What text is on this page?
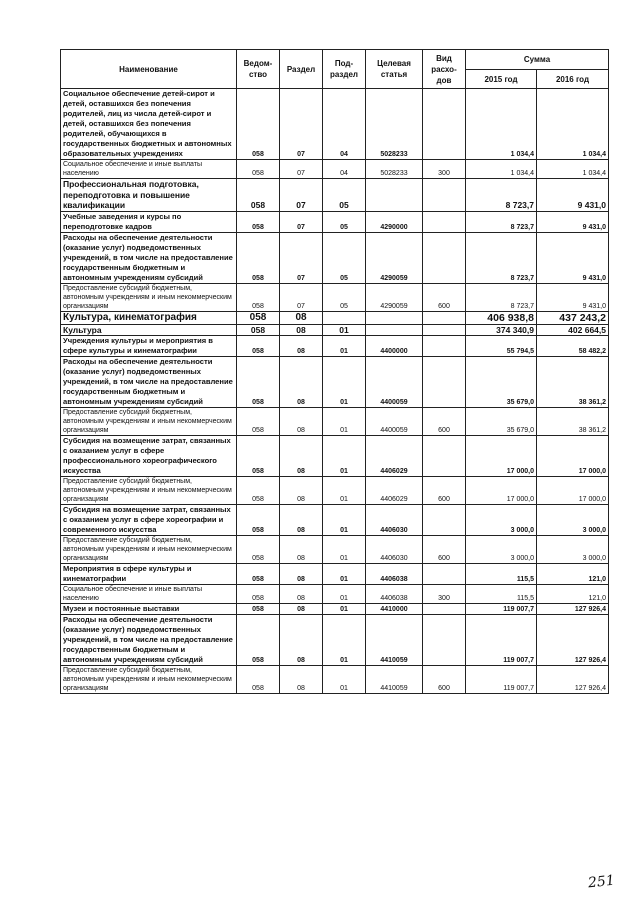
Наименование	Ведом-ство	Раздел	Под-раздел	Целевая статья	Вид расхо-дов	Сумма	
						2015 год	2016 год
Социальное обеспечение детей-сирот и детей, оставшихся без попечения родителей, лиц из числа детей-сирот и детей, оставшихся без попечения родителей, обучающихся в государственных бюджетных и автономных образовательных учреждениях	058	07	04	5028233		1 034,4	1 034,4
Социальное обеспечение и иные выплаты населению	058	07	04	5028233	300	1 034,4	1 034,4
Профессиональная подготовка, переподготовка и повышение квалификации	058	07	05			8 723,7	9 431,0
Учебные заведения и курсы по переподготовке кадров	058	07	05	4290000		8 723,7	9 431,0
Расходы на обеспечение деятельности (оказание услуг) подведомственных учреждений, в том числе на предоставление государственным бюджетным и автономным учреждениям субсидий	058	07	05	4290059		8 723,7	9 431,0
Предоставление субсидий бюджетным, автономным учреждениям и иным некоммерческим организациям	058	07	05	4290059	600	8 723,7	9 431,0
Культура, кинематография	058	08				406 938,8	437 243,2
Культура	058	08	01			374 340,9	402 664,5
Учреждения культуры и мероприятия в сфере культуры и кинематографии	058	08	01	4400000		55 794,5	58 482,2
Расходы на обеспечение деятельности (оказание услуг) подведомственных учреждений, в том числе на предоставление государственным бюджетным и автономным учреждениям субсидий	058	08	01	4400059		35 679,0	38 361,2
Предоставление субсидий бюджетным, автономным учреждениям и иным некоммерческим организациям	058	08	01	4400059	600	35 679,0	38 361,2
Субсидия на возмещение затрат, связанных с оказанием услуг в сфере профессионального хореографического искусства	058	08	01	4406029		17 000,0	17 000,0
Предоставление субсидий бюджетным, автономным учреждениям и иным некоммерческим организациям	058	08	01	4406029	600	17 000,0	17 000,0
Субсидия на возмещение затрат, связанных с оказанием услуг в сфере хореографии и современного искусства	058	08	01	4406030		3 000,0	3 000,0
Предоставление субсидий бюджетным, автономным учреждениям и иным некоммерческим организациям	058	08	01	4406030	600	3 000,0	3 000,0
Мероприятия в сфере культуры и кинематографии	058	08	01	4406038		115,5	121,0
Социальное обеспечение и иные выплаты населению	058	08	01	4406038	300	115,5	121,0
Музеи и постоянные выставки	058	08	01	4410000		119 007,7	127 926,4
Расходы на обеспечение деятельности (оказание услуг) подведомственных учреждений, в том числе на предоставление государственным бюджетным и автономным учреждениям субсидий	058	08	01	4410059		119 007,7	127 926,4
Предоставление субсидий бюджетным, автономным учреждениям и иным некоммерческим организациям	058	08	01	4410059	600	119 007,7	127 926,4
251
